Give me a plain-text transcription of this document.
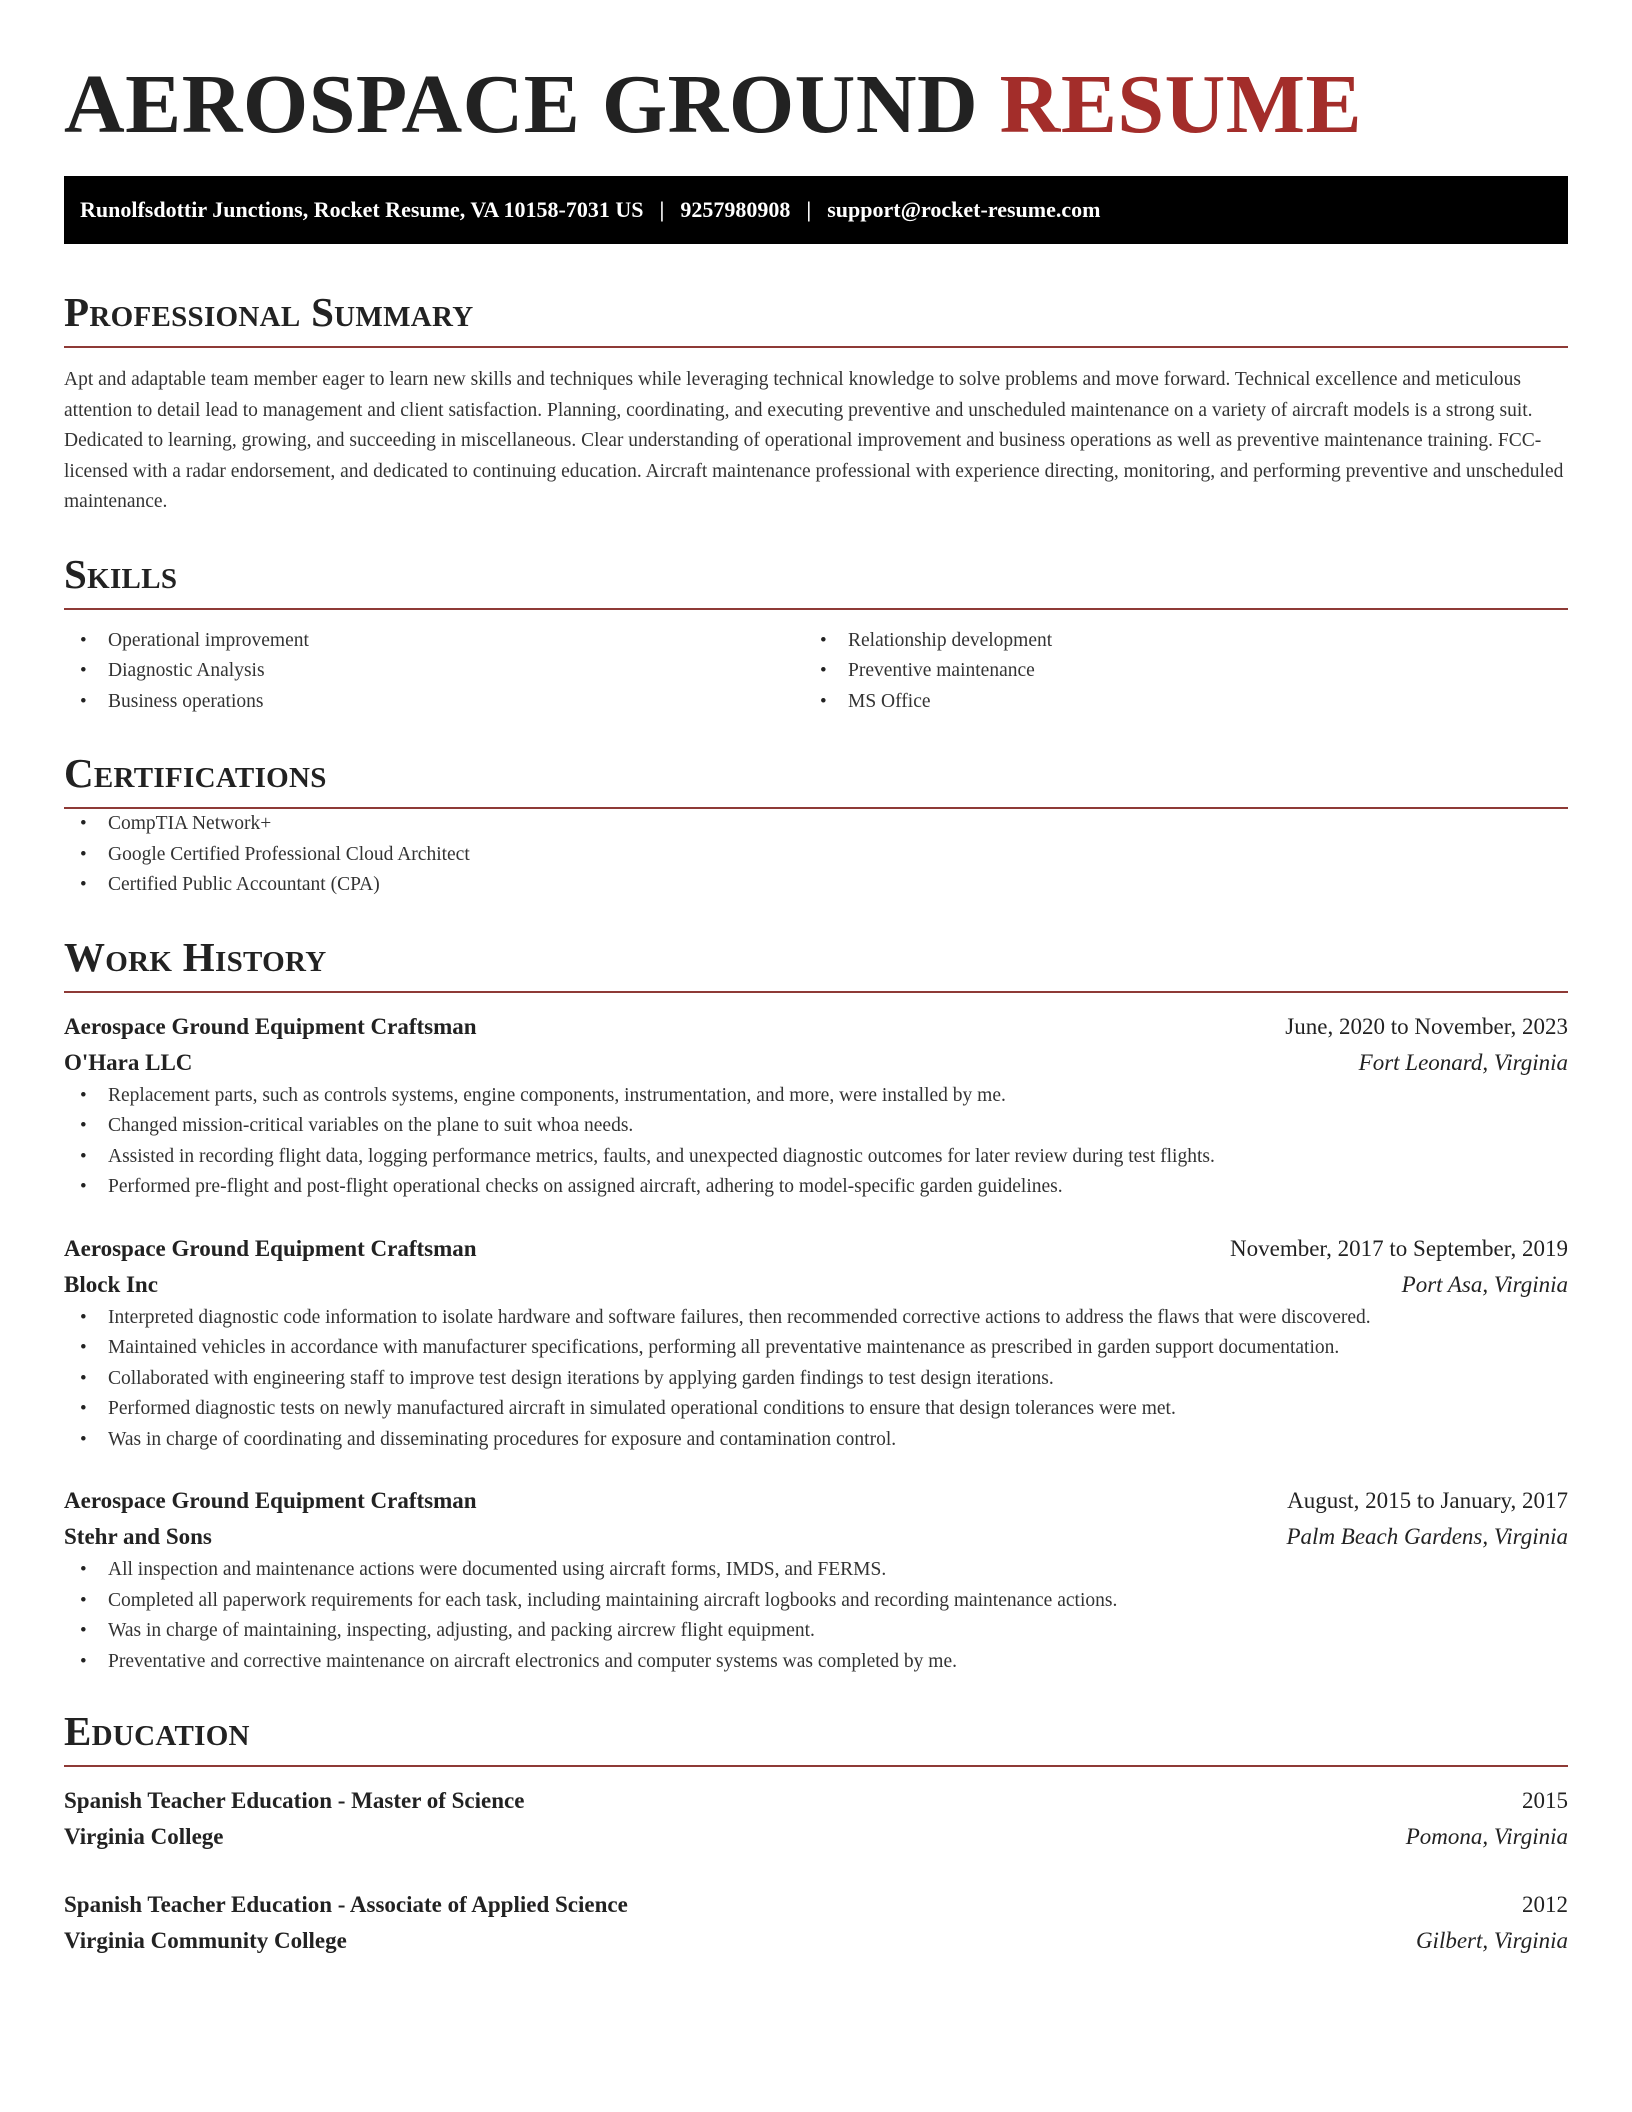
AEROSPACE GROUND RESUME
Runolfsdottir Junctions, Rocket Resume, VA 10158-7031 US | 9257980908 | support@rocket-resume.com
Professional Summary

Apt and adaptable team member eager to learn new skills and techniques while leveraging technical knowledge to solve problems and move forward. Technical excellence and meticulous attention to detail lead to management and client satisfaction. Planning, coordinating, and executing preventive and unscheduled maintenance on a variety of aircraft models is a strong suit. Dedicated to learning, growing, and succeeding in miscellaneous. Clear understanding of operational improvement and business operations as well as preventive maintenance training. FCC-licensed with a radar endorsement, and dedicated to continuing education. Aircraft maintenance professional with experience directing, monitoring, and performing preventive and unscheduled maintenance.

Skills
• Operational improvement
• Diagnostic Analysis
• Business operations
• Relationship development
• Preventive maintenance
• MS Office
Certifications
• CompTIA Network+
• Google Certified Professional Cloud Architect
• Certified Public Accountant (CPA)
Work History
Aerospace Ground Equipment Craftsman	June, 2020 to November, 2023
O'Hara LLC	Fort Leonard, Virginia
• Replacement parts, such as controls systems, engine components, instrumentation, and more, were installed by me.
• Changed mission-critical variables on the plane to suit whoa needs.
• Assisted in recording flight data, logging performance metrics, faults, and unexpected diagnostic outcomes for later review during test flights.
• Performed pre-flight and post-flight operational checks on assigned aircraft, adhering to model-specific garden guidelines.
Aerospace Ground Equipment Craftsman	November, 2017 to September, 2019
Block Inc	Port Asa, Virginia
• Interpreted diagnostic code information to isolate hardware and software failures, then recommended corrective actions to address the flaws that were discovered.
• Maintained vehicles in accordance with manufacturer specifications, performing all preventative maintenance as prescribed in garden support documentation.
• Collaborated with engineering staff to improve test design iterations by applying garden findings to test design iterations.
• Performed diagnostic tests on newly manufactured aircraft in simulated operational conditions to ensure that design tolerances were met.
• Was in charge of coordinating and disseminating procedures for exposure and contamination control.
Aerospace Ground Equipment Craftsman	August, 2015 to January, 2017
Stehr and Sons	Palm Beach Gardens, Virginia
• All inspection and maintenance actions were documented using aircraft forms, IMDS, and FERMS.
• Completed all paperwork requirements for each task, including maintaining aircraft logbooks and recording maintenance actions.
• Was in charge of maintaining, inspecting, adjusting, and packing aircrew flight equipment.
• Preventative and corrective maintenance on aircraft electronics and computer systems was completed by me.
Education
Spanish Teacher Education - Master of Science	2015
Virginia College	Pomona, Virginia
Spanish Teacher Education - Associate of Applied Science	2012
Virginia Community College	Gilbert, Virginia
